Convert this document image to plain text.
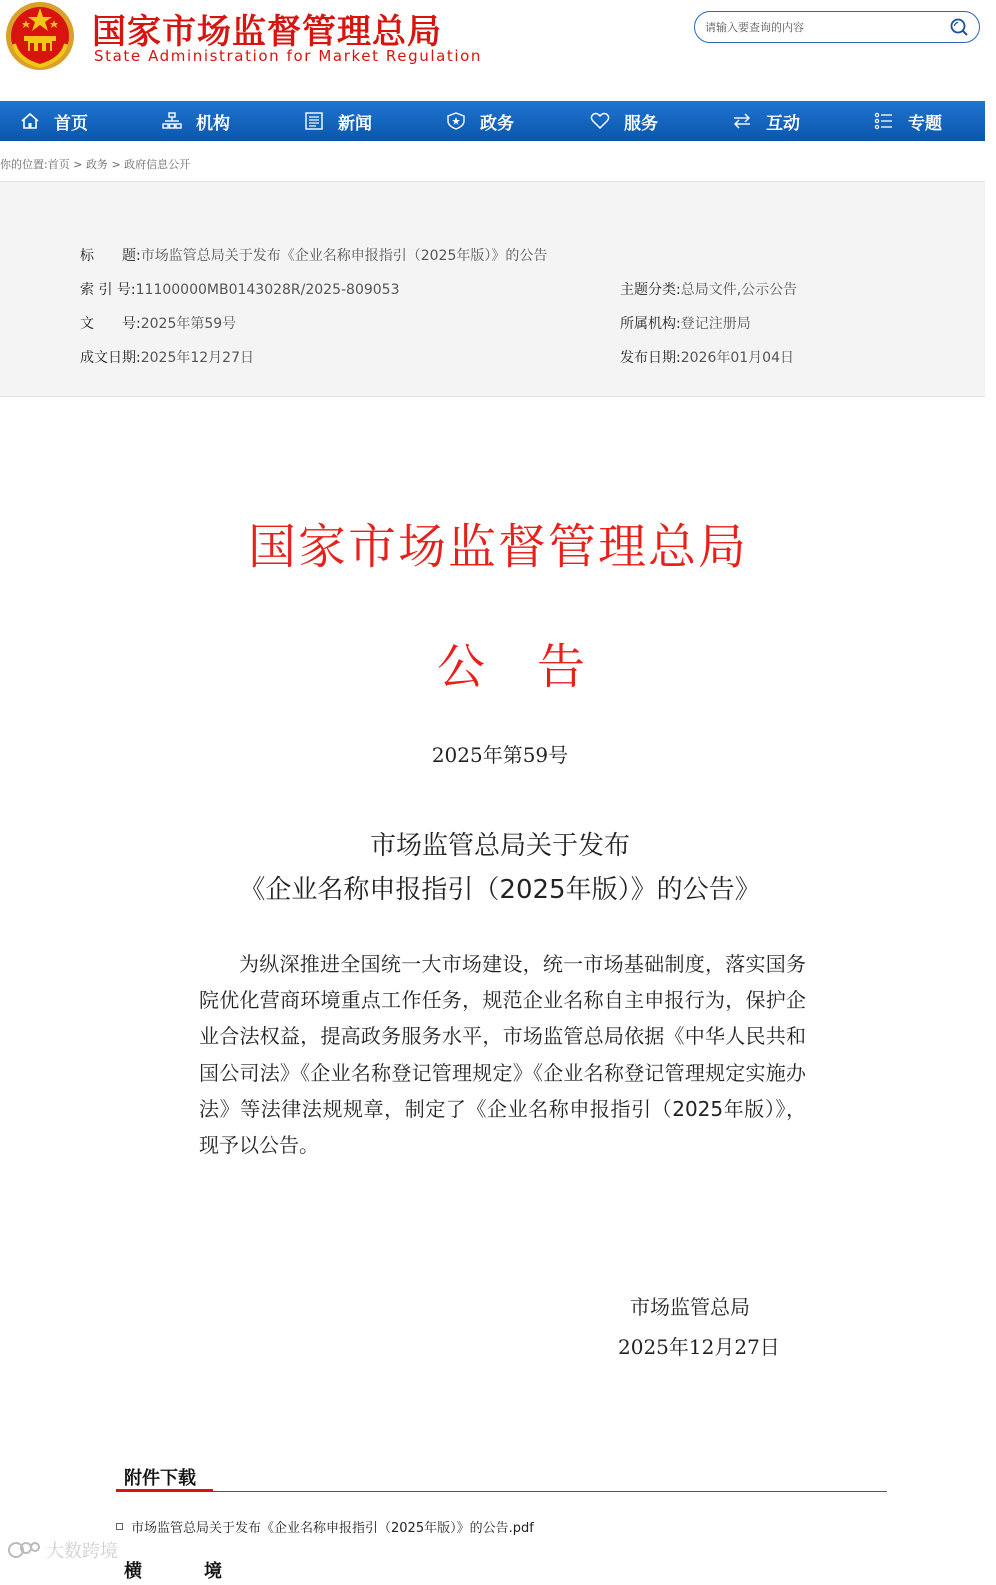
国家市场监督管理总局
State Administration for Market Regulation
请输入要查询的内容
首页	机构	新闻	政务	服务	互动	专题
你的位置:首页 > 政务 > 政府信息公开
标　　题:市场监管总局关于发布《企业名称申报指引（2025年版）》的公告
索 引 号:11100000MB0143028R/2025-809053	主题分类:总局文件,公示公告
文　　号:2025年第59号	所属机构:登记注册局
成文日期:2025年12月27日	发布日期:2026年01月04日
国家市场监督管理总局
公 告
2025年第59号
市场监管总局关于发布
《企业名称申报指引（2025年版）》的公告》
为纵深推进全国统一大市场建设，统一市场基础制度，落实国务院优化营商环境重点工作任务，规范企业名称自主申报行为，保护企业合法权益，提高政务服务水平，市场监管总局依据《中华人民共和国公司法》《企业名称登记管理规定》《企业名称登记管理规定实施办法》等法律法规规章，制定了《企业名称申报指引（2025年版）》，现予以公告。
市场监管总局
2025年12月27日
附件下载
市场监管总局关于发布《企业名称申报指引（2025年版）》的公告.pdf
横　境
大数跨境
